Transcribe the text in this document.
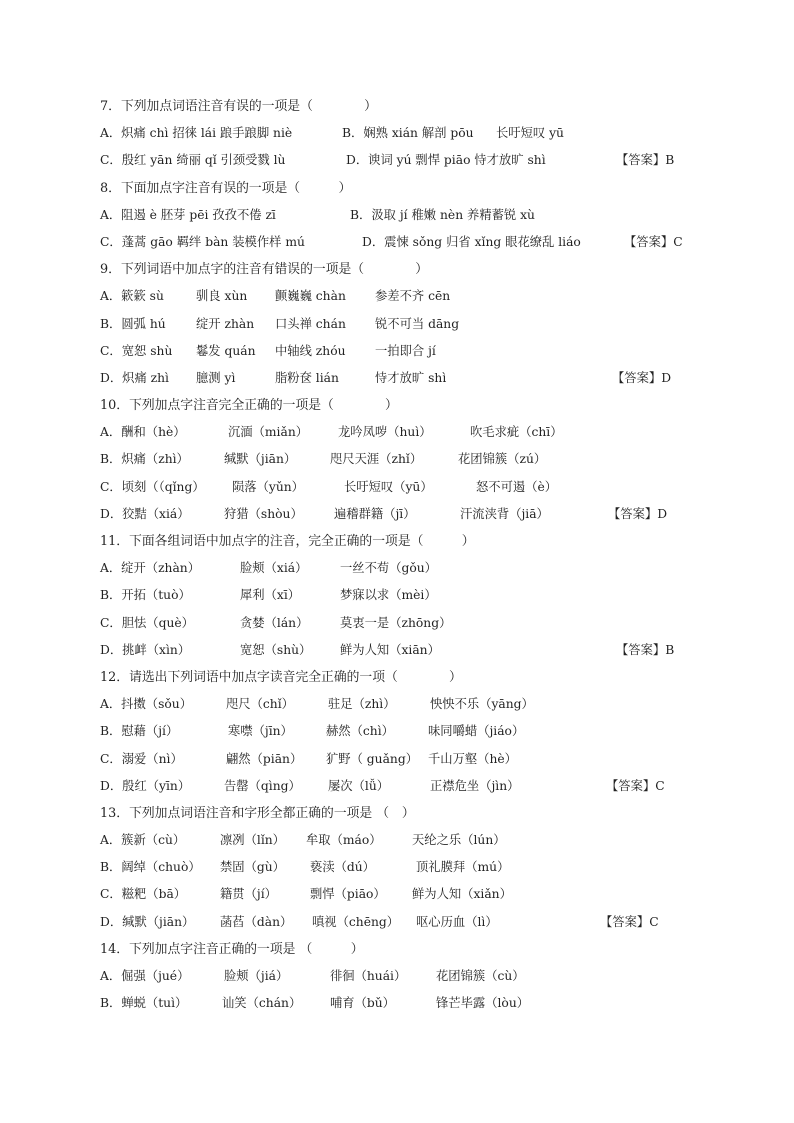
7．下列加点词语注音有误的一项是（　　　　）
A．炽痛 chì 招徕 lái 踉手踉脚 niè	B．娴熟 xián 解剖 pōu 长吁短叹 yū
C．殷红 yān 绮丽 qǐ 引颈受戮 lù	D．谀词 yú 剽悍 piāo 恃才放旷 shì	【答案】B
8．下面加点字注音有误的一项是（　　　）
A．阻遏 è 胚芽 pēi 孜孜不倦 zī	B．汲取 jí 稚嫩 nèn 养精蓄锐 xù
C．蓬蒿 gāo 羁绊 bàn 装模作样 mú	D．震悚 sǒng 归省 xǐng 眼花缭乱 liáo	【答案】C
9．下列词语中加点字的注音有错误的一项是（　　　　）
A．簌簌 sù	驯良 xùn 颤巍巍 chàn 参差不齐 cēn
B．圆弧 hú 绽开 zhàn 口头禅 chán 锐不可当 dāng
C．宽恕 shù 鬈发 quán 中轴线 zhóu 一拍即合 jí
D．炽痛 zhì 臆测 yì	脂粉奁 lián	恃才放旷 shì	【答案】D
10．下列加点字注音完全正确的一项是（　　　　）
A．酬和（hè）	沉湎（miǎn） 龙吟凤哕（huì）	吹毛求疵（chī）
B．炽痛（zhì）	缄默（jiān）	咫尺天涯（zhǐ）	花团锦簇（zú）
C．顷刻（（qǐng） 陨落（yǔn）	长吁短叹（yū）	怒不可遏（è）
D．狡黠（xiá）	狩猎（shòu）	遍稽群籍（jī）	汗流浃背（jiā）	【答案】D
11．下面各组词语中加点字的注音，完全正确的一项是（　　　）
A．绽开（zhàn）	脸颊（xiá）	一丝不苟（gǒu）
B．开拓（tuò）	犀利（xī）	梦寐以求（mèi）
C．胆怯（què）	贪婪（lán）	莫衷一是（zhōng）
D．挑衅（xìn）	宽恕（shù） 鲜为人知（xiān）	【答案】B
12．请选出下列词语中加点字读音完全正确的一项（　　　　）
A．抖擞（sǒu）	咫尺（chǐ）	驻足（zhì）	怏怏不乐（yāng）
B．慰藉（jí）	寒噤（jīn）	赫然（chì）	味同嚼蜡（jiáo）
C．溺爱（nì）	翩然（piān） 犷野（ guǎng） 千山万壑（hè）
D．殷红（yīn）	告罄（qìng） 屡次（lǚ）	正襟危坐（jìn）	【答案】C
13．下列加点词语注音和字形全都正确的一项是 （　）
A．簇新（cù）	凛冽（lǐn） 牟取（máo） 天纶之乐（lún）
B．阔绰（chuò） 禁固（gù） 亵渎（dú）	顶礼膜拜（mú）
C．糍粑（bā）	籍贯（jí）	剽悍（piāo） 鲜为人知（xiǎn）
D．缄默（jiān） 菡萏（dàn） 嗔视（chēng） 呕心历血（lì）	【答案】C
14．下列加点字注音正确的一项是 （　　　）
A．倔强（jué）	脸颊（jiá）	徘徊（huái） 花团锦簇（cù）
B．蝉蜕（tuì）	讪笑（chán） 哺育（bǔ）	锋芒毕露（lòu）
